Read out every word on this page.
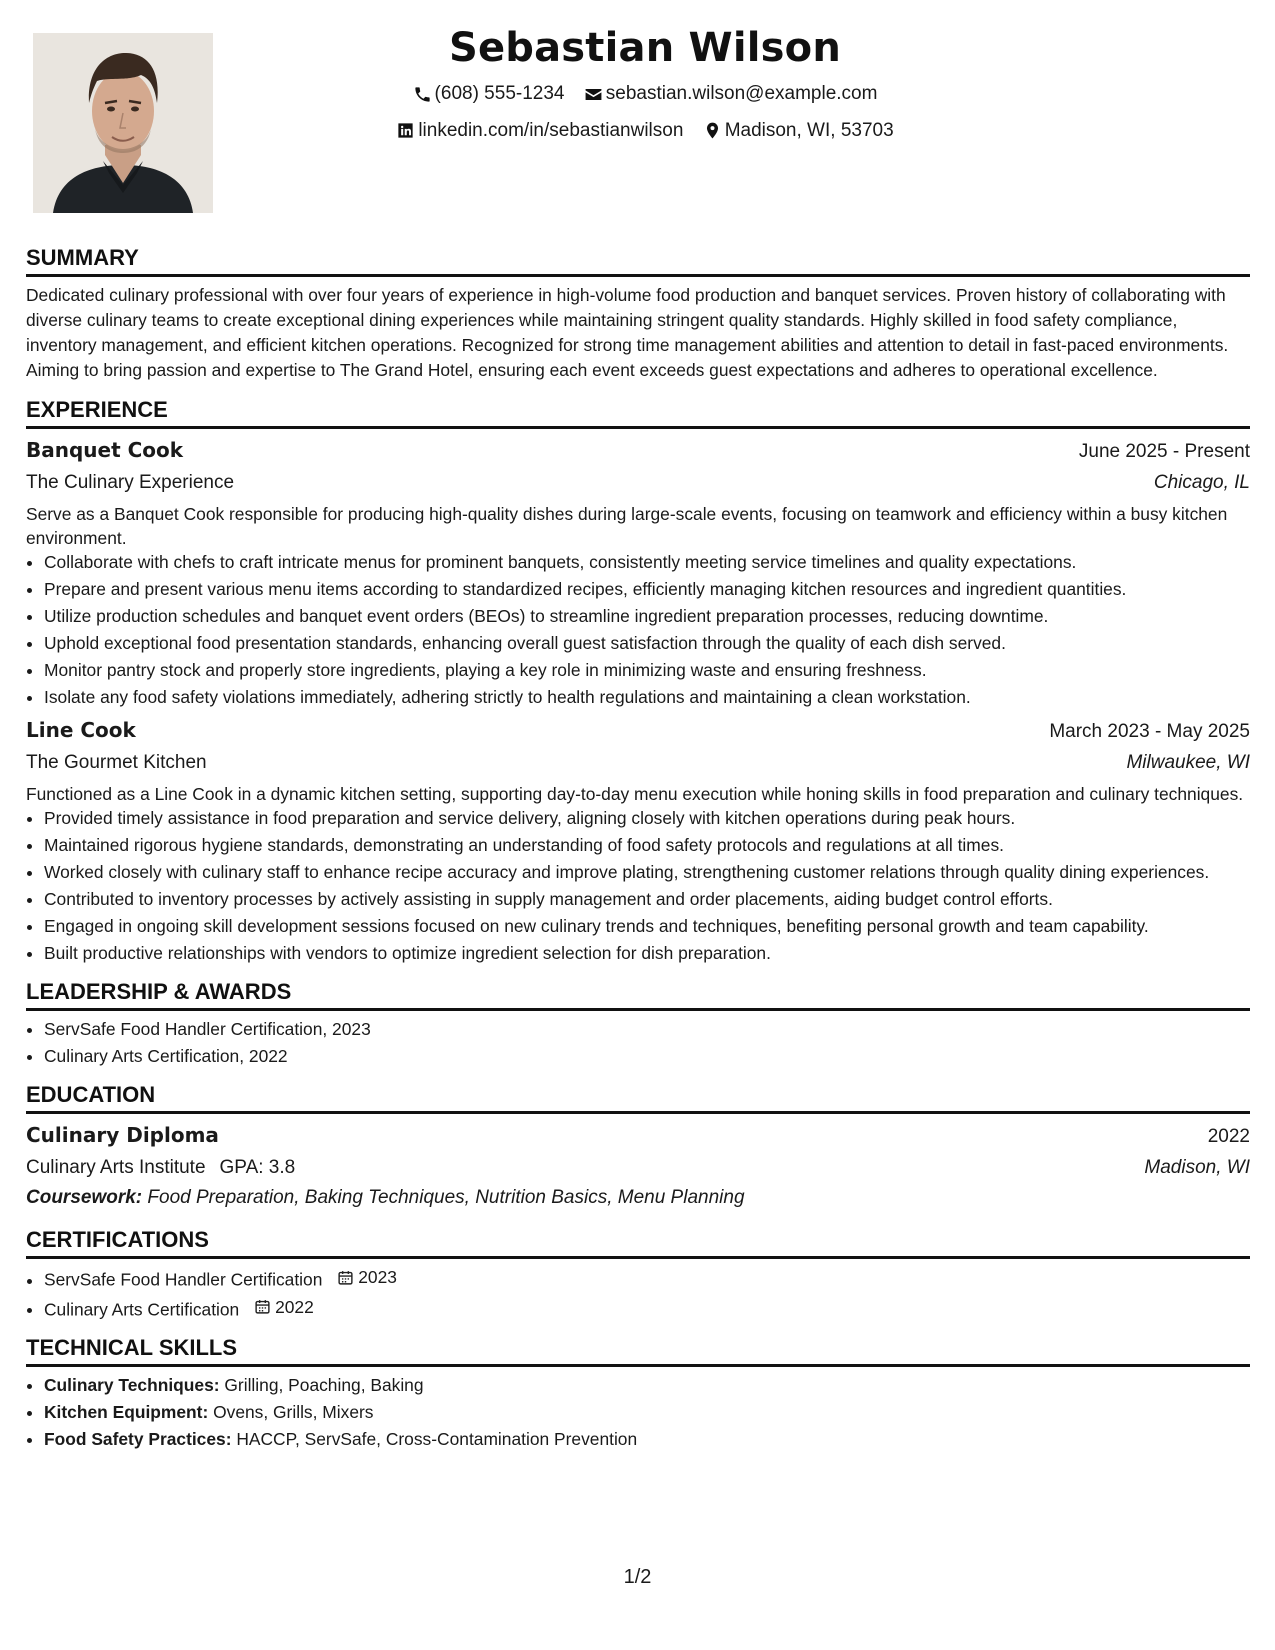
Sebastian Wilson
(608) 555-1234
sebastian.wilson@example.com
linkedin.com/in/sebastianwilson
Madison, WI, 53703
SUMMARY

Dedicated culinary professional with over four years of experience in high-volume food production and banquet services. Proven history of collaborating with diverse culinary teams to create exceptional dining experiences while maintaining stringent quality standards. Highly skilled in food safety compliance, inventory management, and efficient kitchen operations. Recognized for strong time management abilities and attention to detail in fast-paced environments. Aiming to bring passion and expertise to The Grand Hotel, ensuring each event exceeds guest expectations and adheres to operational excellence.

EXPERIENCE
Banquet Cook	June 2025 - Present
The Culinary Experience	Chicago, IL
Serve as a Banquet Cook responsible for producing high-quality dishes during large-scale events, focusing on teamwork and efficiency within a busy kitchen environment.
• Collaborate with chefs to craft intricate menus for prominent banquets, consistently meeting service timelines and quality expectations.
• Prepare and present various menu items according to standardized recipes, efficiently managing kitchen resources and ingredient quantities.
• Utilize production schedules and banquet event orders (BEOs) to streamline ingredient preparation processes, reducing downtime.
• Uphold exceptional food presentation standards, enhancing overall guest satisfaction through the quality of each dish served.
• Monitor pantry stock and properly store ingredients, playing a key role in minimizing waste and ensuring freshness.
• Isolate any food safety violations immediately, adhering strictly to health regulations and maintaining a clean workstation.
Line Cook	March 2023 - May 2025
The Gourmet Kitchen	Milwaukee, WI
Functioned as a Line Cook in a dynamic kitchen setting, supporting day-to-day menu execution while honing skills in food preparation and culinary techniques.
• Provided timely assistance in food preparation and service delivery, aligning closely with kitchen operations during peak hours.
• Maintained rigorous hygiene standards, demonstrating an understanding of food safety protocols and regulations at all times.
• Worked closely with culinary staff to enhance recipe accuracy and improve plating, strengthening customer relations through quality dining experiences.
• Contributed to inventory processes by actively assisting in supply management and order placements, aiding budget control efforts.
• Engaged in ongoing skill development sessions focused on new culinary trends and techniques, benefiting personal growth and team capability.
• Built productive relationships with vendors to optimize ingredient selection for dish preparation.
LEADERSHIP & AWARDS
• ServSafe Food Handler Certification, 2023
• Culinary Arts Certification, 2022
EDUCATION
Culinary Diploma	2022
Culinary Arts Institute GPA: 3.8	Madison, WI
Coursework: Food Preparation, Baking Techniques, Nutrition Basics, Menu Planning
CERTIFICATIONS
• ServSafe Food Handler Certification 2023
• Culinary Arts Certification 2022
TECHNICAL SKILLS
• Culinary Techniques: Grilling, Poaching, Baking
• Kitchen Equipment: Ovens, Grills, Mixers
• Food Safety Practices: HACCP, ServSafe, Cross-Contamination Prevention
1/2
